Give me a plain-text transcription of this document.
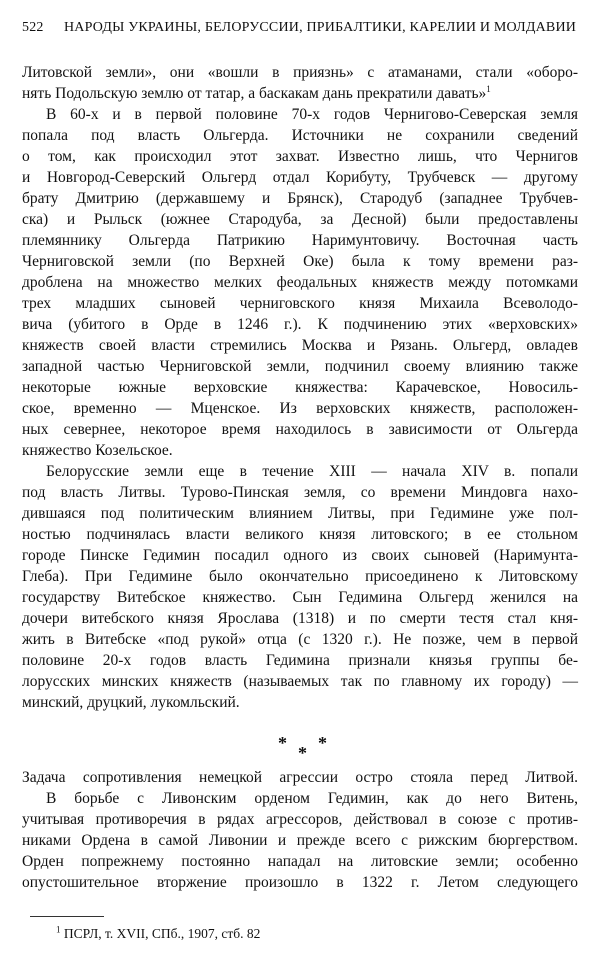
522 НАРОДЫ УКРАИНЫ, БЕЛОРУССИИ, ПРИБАЛТИКИ, КАРЕЛИИ И МОЛДАВИИ
Литовской земли», они «вошли в приязнь» с атаманами, стали «оборо-
нять Подольскую землю от татар, а баскакам дань прекратили давать»$^1$
В 60-х и в первой половине 70-х годов Чернигово-Северская земля
попала под власть Ольгерда. Источники не сохранили сведений
о том, как происходил этот захват. Известно лишь, что Чернигов
и Новгород-Северский Ольгерд отдал Корибуту, Трубчевск — другому
брату Дмитрию (державшему и Брянск), Стародуб (западнее Трубчев-
ска) и Рыльск (южнее Стародуба, за Десной) были предоставлены
племяннику Ольгерда Патрикию Наримунтовичу. Восточная часть
Черниговской земли (по Верхней Оке) была к тому времени раз-
дроблена на множество мелких феодальных княжеств между потомками
трех младших сыновей черниговского князя Михаила Всеволодо-
вича (убитого в Орде в 1246 г.). К подчинению этих «верховских»
княжеств своей власти стремились Москва и Рязань. Ольгерд, овладев
западной частью Черниговской земли, подчинил своему влиянию также
некоторые южные верховские княжества: Карачевское, Новосиль-
ское, временно — Мценское. Из верховских княжеств, расположен-
ных севернее, некоторое время находилось в зависимости от Ольгерда
княжество Козельское.
Белорусские земли еще в течение XIII — начала XIV в. попали
под власть Литвы. Турово-Пинская земля, со времени Миндовга нахо-
дившаяся под политическим влиянием Литвы, при Гедимине уже пол-
ностью подчинялась власти великого князя литовского; в ее стольном
городе Пинске Гедимин посадил одного из своих сыновей (Наримунта-
Глеба). При Гедимине было окончательно присоединено к Литовскому
государству Витебское княжество. Сын Гедимина Ольгерд женился на
дочери витебского князя Ярослава (1318) и по смерти тестя стал кня-
жить в Витебске «под рукой» отца (с 1320 г.). Не позже, чем в первой
половине 20-х годов власть Гедимина признали князья группы бе-
лорусских минских княжеств (называемых так по главному их городу) —
минский, друцкий, лукомльский.
* *
*
Задача сопротивления немецкой агрессии остро стояла перед Литвой.
В борьбе с Ливонским орденом Гедимин, как до него Витень,
учитывая противоречия в рядах агрессоров, действовал в союзе с против-
никами Ордена в самой Ливонии и прежде всего с рижским бюргерством.
Орден попрежнему постоянно нападал на литовские земли; особенно
опустошительное вторжение произошло в 1322 г. Летом следующего
$^1$ ПСРЛ, т. XVII, СПб., 1907, стб. 82
